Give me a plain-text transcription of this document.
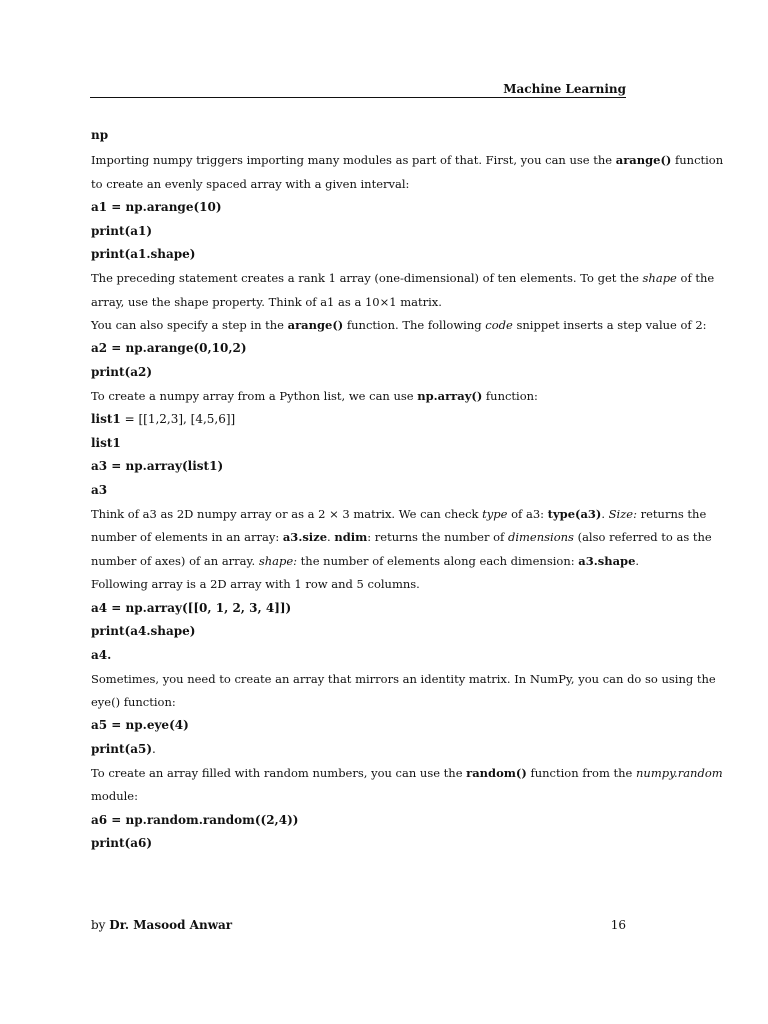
Machine Learning
np
Importing numpy triggers importing many modules as part of that. First, you can use the arange() function
to create an evenly spaced array with a given interval:
a1 = np.arange(10)
print(a1)
print(a1.shape)
The preceding statement creates a rank 1 array (one-dimensional) of ten elements. To get the shape of the
array, use the shape property. Think of a1 as a 10×1 matrix.
You can also specify a step in the arange() function. The following code snippet inserts a step value of 2:
a2 = np.arange(0,10,2)
print(a2)
To create a numpy array from a Python list, we can use np.array() function:
list1 = [[1,2,3], [4,5,6]]
list1
a3 = np.array(list1)
a3
Think of a3 as 2D numpy array or as a 2 × 3 matrix. We can check type of a3: type(a3). Size: returns the
number of elements in an array: a3.size. ndim: returns the number of dimensions (also referred to as the
number of axes) of an array. shape: the number of elements along each dimension: a3.shape.
Following array is a 2D array with 1 row and 5 columns.
a4 = np.array([[0, 1, 2, 3, 4]])
print(a4.shape)
a4.
Sometimes, you need to create an array that mirrors an identity matrix. In NumPy, you can do so using the
eye() function:
a5 = np.eye(4)
print(a5).
To create an array filled with random numbers, you can use the random() function from the numpy.random
module:
a6 = np.random.random((2,4))
print(a6)
by Dr. Masood Anwar	16
